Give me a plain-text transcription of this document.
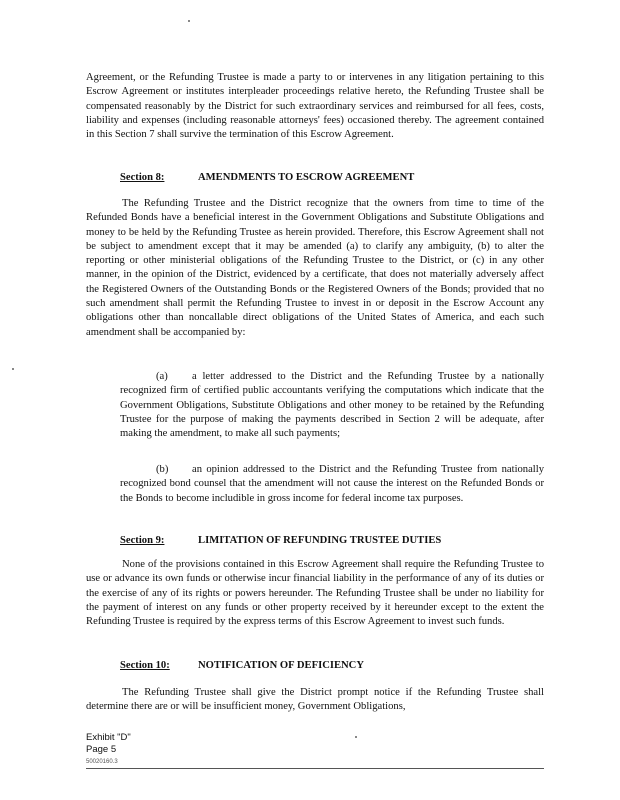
Agreement, or the Refunding Trustee is made a party to or intervenes in any litigation pertaining to this Escrow Agreement or institutes interpleader proceedings relative hereto, the Refunding Trustee shall be compensated reasonably by the District for such extraordinary services and reimbursed for all fees, costs, liability and expenses (including reasonable attorneys' fees) occasioned thereby. The agreement contained in this Section 7 shall survive the termination of this Escrow Agreement.

Section 8:	AMENDMENTS TO ESCROW AGREEMENT

The Refunding Trustee and the District recognize that the owners from time to time of the Refunded Bonds have a beneficial interest in the Government Obligations and Substitute Obligations and money to be held by the Refunding Trustee as herein provided. Therefore, this Escrow Agreement shall not be subject to amendment except that it may be amended (a) to clarify any ambiguity, (b) to alter the reporting or other ministerial obligations of the Refunding Trustee to the District, or (c) in any other manner, in the opinion of the District, evidenced by a certificate, that does not materially adversely affect the Registered Owners of the Outstanding Bonds or the Registered Owners of the Bonds; provided that no such amendment shall permit the Refunding Trustee to invest in or deposit in the Escrow Account any obligations other than noncallable direct obligations of the United States of America, and each such amendment shall be accompanied by:

(a) a letter addressed to the District and the Refunding Trustee by a nationally recognized firm of certified public accountants verifying the computations which indicate that the Government Obligations, Substitute Obligations and other money to be retained by the Refunding Trustee for the purpose of making the payments described in Section 2 will be adequate, after making the amendment, to make all such payments;

(b) an opinion addressed to the District and the Refunding Trustee from nationally recognized bond counsel that the amendment will not cause the interest on the Refunded Bonds or the Bonds to become includible in gross income for federal income tax purposes.

Section 9:	LIMITATION OF REFUNDING TRUSTEE DUTIES

None of the provisions contained in this Escrow Agreement shall require the Refunding Trustee to use or advance its own funds or otherwise incur financial liability in the performance of any of its duties or the exercise of any of its rights or powers hereunder. The Refunding Trustee shall be under no liability for the payment of interest on any funds or other property received by it hereunder except to the extent the Refunding Trustee is required by the express terms of this Escrow Agreement to invest such funds.

Section 10:	NOTIFICATION OF DEFICIENCY

The Refunding Trustee shall give the District prompt notice if the Refunding Trustee shall determine there are or will be insufficient money, Government Obligations,

Exhibit "D"

Page 5

50020160.3
